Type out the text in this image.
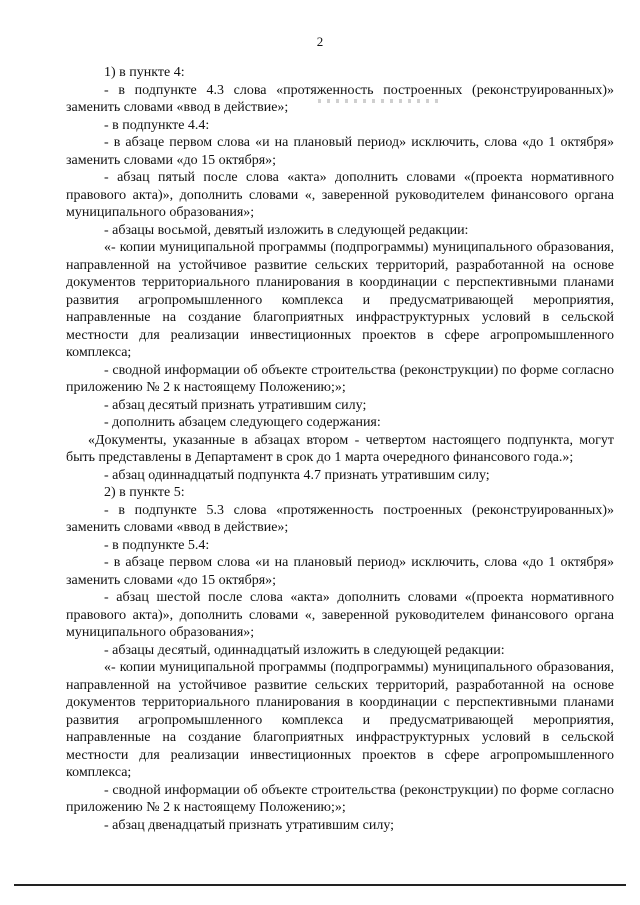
2

1) в пункте 4:

- в подпункте 4.3 слова «протяженность построенных (реконструированных)» заменить словами «ввод в действие»;

- в подпункте 4.4:

- в абзаце первом слова «и на плановый период» исключить, слова «до 1 октября» заменить словами «до 15 октября»;

- абзац пятый после слова «акта» дополнить словами «(проекта нормативного правового акта)», дополнить словами «, заверенной руководителем финансового органа муниципального образования»;

- абзацы восьмой, девятый изложить в следующей редакции:

«- копии муниципальной программы (подпрограммы) муниципального образования, направленной на устойчивое развитие сельских территорий, разработанной на основе документов территориального планирования в координации с перспективными планами развития агропромышленного комплекса и предусматривающей мероприятия, направленные на создание благоприятных инфраструктурных условий в сельской местности для реализации инвестиционных проектов в сфере агропромышленного комплекса;

- сводной информации об объекте строительства (реконструкции) по форме согласно приложению № 2 к настоящему Положению;»;

- абзац десятый признать утратившим силу;

- дополнить абзацем следующего содержания:

«Документы, указанные в абзацах втором - четвертом настоящего подпункта, могут быть представлены в Департамент в срок до 1 марта очередного финансового года.»;

- абзац одиннадцатый подпункта 4.7 признать утратившим силу;

2) в пункте 5:

- в подпункте 5.3 слова «протяженность построенных (реконструированных)» заменить словами «ввод в действие»;

- в подпункте 5.4:

- в абзаце первом слова «и на плановый период» исключить, слова «до 1 октября» заменить словами «до 15 октября»;

- абзац шестой после слова «акта» дополнить словами «(проекта нормативного правового акта)», дополнить словами «, заверенной руководителем финансового органа муниципального образования»;

- абзацы десятый, одиннадцатый изложить в следующей редакции:

«- копии муниципальной программы (подпрограммы) муниципального образования, направленной на устойчивое развитие сельских территорий, разработанной на основе документов территориального планирования в координации с перспективными планами развития агропромышленного комплекса и предусматривающей мероприятия, направленные на создание благоприятных инфраструктурных условий в сельской местности для реализации инвестиционных проектов в сфере агропромышленного комплекса;

- сводной информации об объекте строительства (реконструкции) по форме согласно приложению № 2 к настоящему Положению;»;

- абзац двенадцатый признать утратившим силу;
